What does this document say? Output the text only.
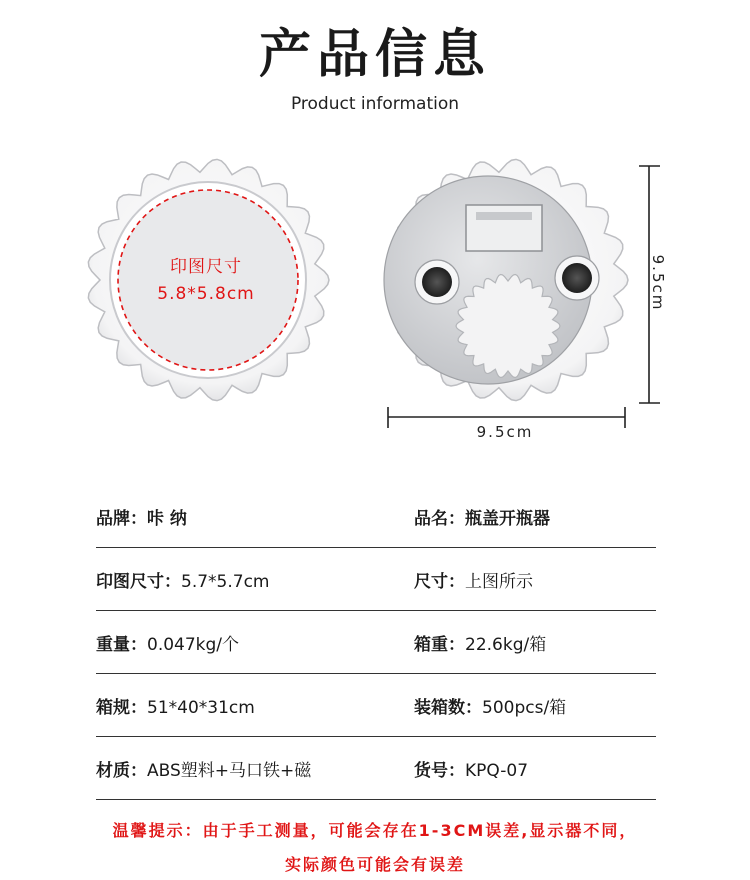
产品信息
Product information
印图尺寸
5.8*5.8cm
9.5cm
9.5cm
品牌：咔 纳	品名：瓶盖开瓶器
印图尺寸：5.7*5.7cm	尺寸：上图所示
重量：0.047kg/个	箱重：22.6kg/箱
箱规：51*40*31cm	装箱数：500pcs/箱
材质：ABS塑料+马口铁+磁	货号：KPQ-07
温馨提示：由于手工测量，可能会存在1-3CM误差,显示器不同，
实际颜色可能会有误差
